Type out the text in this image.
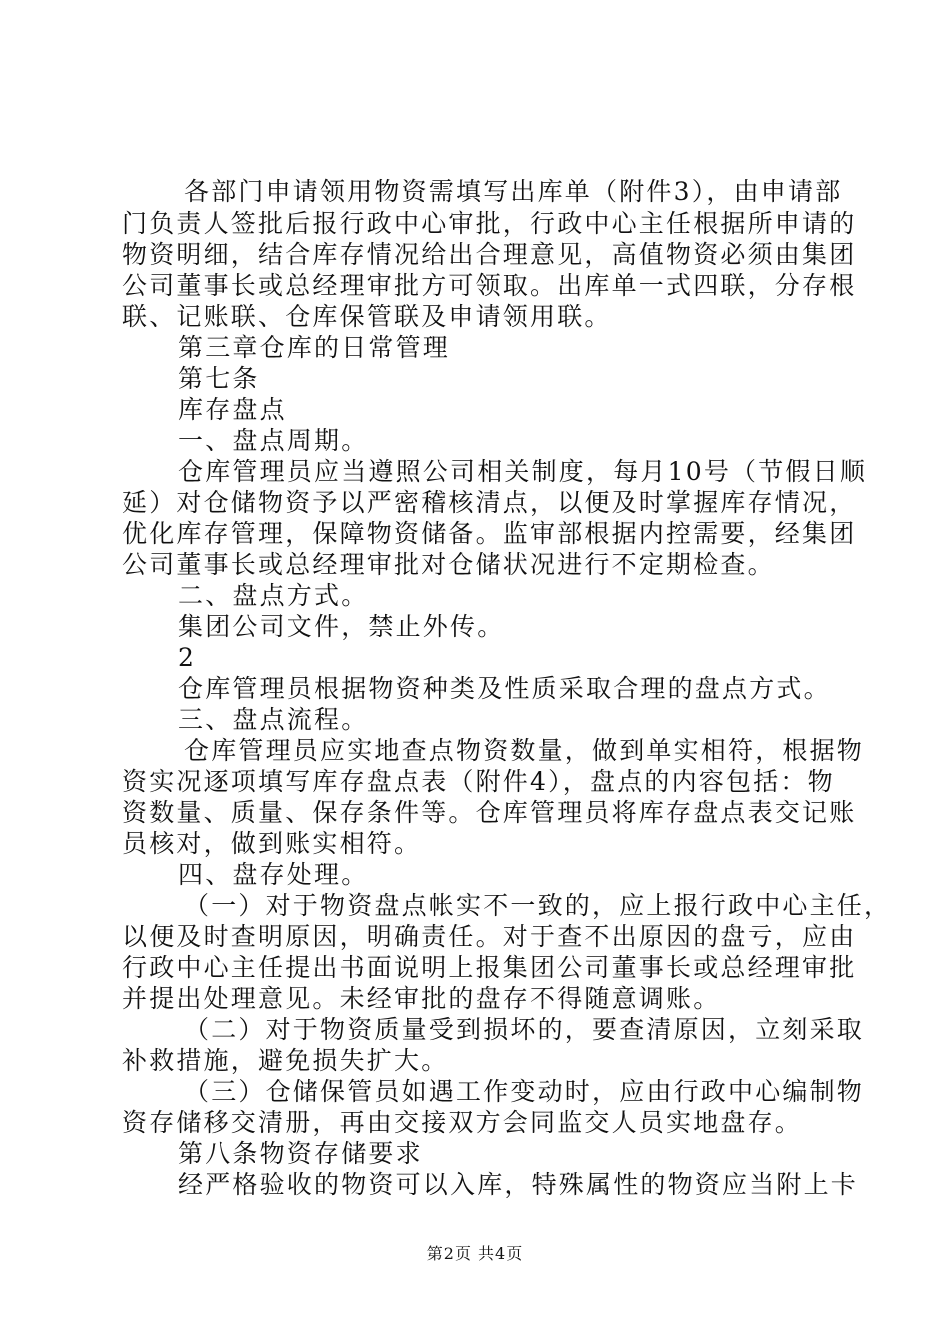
各部门申请领用物资需填写出库单（附件3），由申请部
门负责人签批后报行政中心审批，行政中心主任根据所申请的
物资明细，结合库存情况给出合理意见，高值物资必须由集团
公司董事长或总经理审批方可领取。出库单一式四联，分存根
联、记账联、仓库保管联及申请领用联。
第三章仓库的日常管理
第七条
库存盘点
一、盘点周期。
仓库管理员应当遵照公司相关制度，每月10号（节假日顺
延）对仓储物资予以严密稽核清点，以便及时掌握库存情况，
优化库存管理，保障物资储备。监审部根据内控需要，经集团
公司董事长或总经理审批对仓储状况进行不定期检查。
二、盘点方式。
集团公司文件，禁止外传。
2
仓库管理员根据物资种类及性质采取合理的盘点方式。
三、盘点流程。
仓库管理员应实地查点物资数量，做到单实相符，根据物
资实况逐项填写库存盘点表（附件4），盘点的内容包括：物
资数量、质量、保存条件等。仓库管理员将库存盘点表交记账
员核对，做到账实相符。
四、盘存处理。
（一）对于物资盘点帐实不一致的，应上报行政中心主任，
以便及时查明原因，明确责任。对于查不出原因的盘亏，应由
行政中心主任提出书面说明上报集团公司董事长或总经理审批
并提出处理意见。未经审批的盘存不得随意调账。
（二）对于物资质量受到损坏的，要查清原因，立刻采取
补救措施，避免损失扩大。
（三）仓储保管员如遇工作变动时，应由行政中心编制物
资存储移交清册，再由交接双方会同监交人员实地盘存。
第八条物资存储要求
经严格验收的物资可以入库，特殊属性的物资应当附上卡
第2页 共4页
